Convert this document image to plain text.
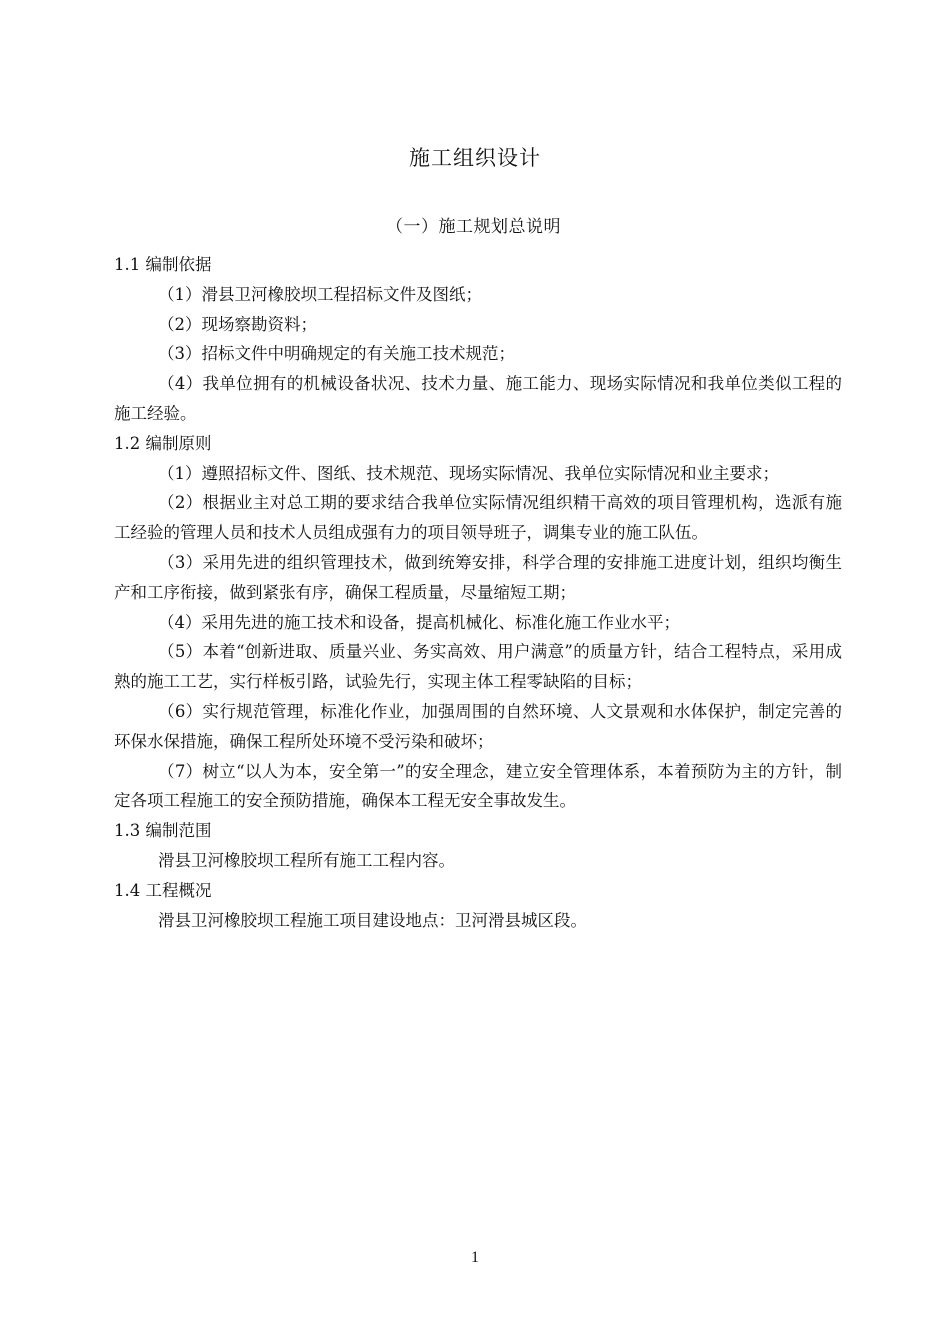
施工组织设计
（一）施工规划总说明

1.1 编制依据

（1）滑县卫河橡胶坝工程招标文件及图纸；

（2）现场察勘资料；

（3）招标文件中明确规定的有关施工技术规范；

（4）我单位拥有的机械设备状况、技术力量、施工能力、现场实际情况和我单位类似工程的施工经验。

1.2 编制原则

（1）遵照招标文件、图纸、技术规范、现场实际情况、我单位实际情况和业主要求；

（2）根据业主对总工期的要求结合我单位实际情况组织精干高效的项目管理机构，选派有施工经验的管理人员和技术人员组成强有力的项目领导班子，调集专业的施工队伍。

（3）采用先进的组织管理技术，做到统筹安排，科学合理的安排施工进度计划，组织均衡生产和工序衔接，做到紧张有序，确保工程质量，尽量缩短工期；

（4）采用先进的施工技术和设备，提高机械化、标准化施工作业水平；

（5）本着“创新进取、质量兴业、务实高效、用户满意”的质量方针，结合工程特点，采用成熟的施工工艺，实行样板引路，试验先行，实现主体工程零缺陷的目标；

（6）实行规范管理，标准化作业，加强周围的自然环境、人文景观和水体保护，制定完善的环保水保措施，确保工程所处环境不受污染和破坏；

（7）树立“以人为本，安全第一”的安全理念，建立安全管理体系，本着预防为主的方针，制定各项工程施工的安全预防措施，确保本工程无安全事故发生。

1.3 编制范围

滑县卫河橡胶坝工程所有施工工程内容。

1.4 工程概况

滑县卫河橡胶坝工程施工项目建设地点：卫河滑县城区段。

1
